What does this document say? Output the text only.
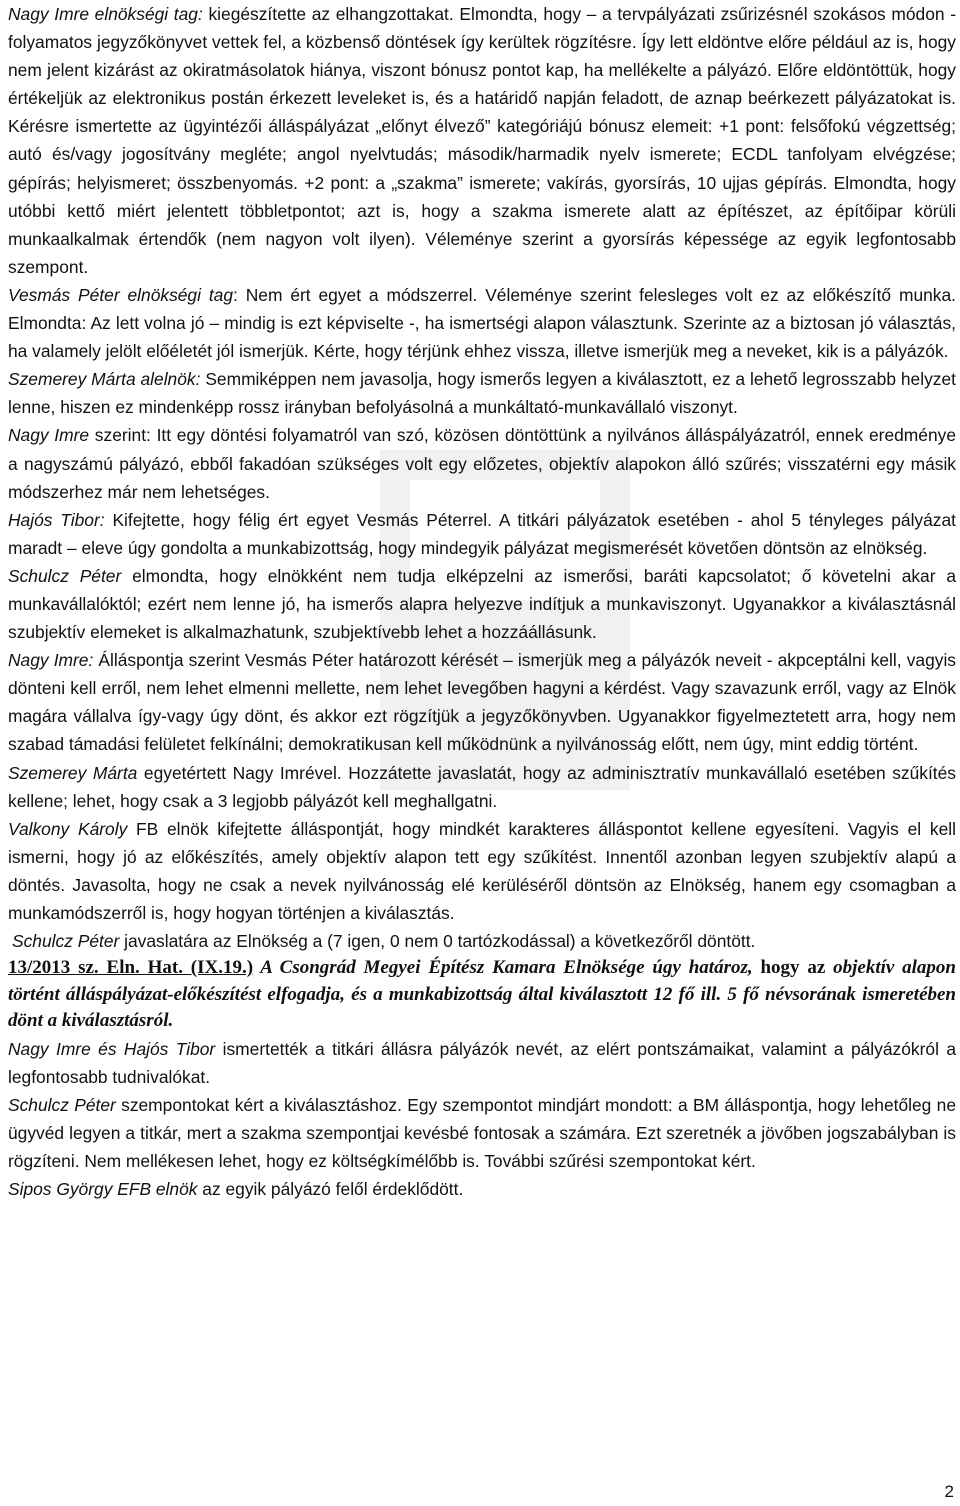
Nagy Imre elnökségi tag: kiegészítette az elhangzottakat. Elmondta, hogy – a tervpályázati zsűrizésnél szokásos módon - folyamatos jegyzőkönyvet vettek fel, a közbenső döntések így kerültek rögzítésre. Így lett eldöntve előre például az is, hogy nem jelent kizárást az okiratmásolatok hiánya, viszont bónusz pontot kap, ha mellékelte a pályázó. Előre eldöntöttük, hogy értékeljük az elektronikus postán érkezett leveleket is, és a határidő napján feladott, de aznap beérkezett pályázatokat is. Kérésre ismertette az ügyintézői álláspályázat „előnyt élvező” kategóriájú bónusz elemeit: +1 pont: felsőfokú végzettség; autó és/vagy jogosítvány megléte; angol nyelvtudás; második/harmadik nyelv ismerete; ECDL tanfolyam elvégzése; gépírás; helyismeret; összbenyomás. +2 pont: a „szakma” ismerete; vakírás, gyorsírás, 10 ujjas gépírás. Elmondta, hogy utóbbi kettő miért jelentett többletpontot; azt is, hogy a szakma ismerete alatt az építészet, az építőipar körüli munkaalkalmak értendők (nem nagyon volt ilyen). Véleménye szerint a gyorsírás képessége az egyik legfontosabb szempont.

Vesmás Péter elnökségi tag: Nem ért egyet a módszerrel. Véleménye szerint felesleges volt ez az előkészítő munka. Elmondta: Az lett volna jó – mindig is ezt képviselte -, ha ismertségi alapon választunk. Szerinte az a biztosan jó választás, ha valamely jelölt előéletét jól ismerjük. Kérte, hogy térjünk ehhez vissza, illetve ismerjük meg a neveket, kik is a pályázók.

Szemerey Márta alelnök: Semmiképpen nem javasolja, hogy ismerős legyen a kiválasztott, ez a lehető legrosszabb helyzet lenne, hiszen ez mindenképp rossz irányban befolyásolná a munkáltató-munkavállaló viszonyt.

Nagy Imre szerint: Itt egy döntési folyamatról van szó, közösen döntöttünk a nyilvános álláspályázatról, ennek eredménye a nagyszámú pályázó, ebből fakadóan szükséges volt egy előzetes, objektív alapokon álló szűrés; visszatérni egy másik módszerhez már nem lehetséges.

Hajós Tibor: Kifejtette, hogy félig ért egyet Vesmás Péterrel. A titkári pályázatok esetében - ahol 5 tényleges pályázat maradt – eleve úgy gondolta a munkabizottság, hogy mindegyik pályázat megismerését követően döntsön az elnökség.

Schulcz Péter elmondta, hogy elnökként nem tudja elképzelni az ismerősi, baráti kapcsolatot; ő követelni akar a munkavállalóktól; ezért nem lenne jó, ha ismerős alapra helyezve indítjuk a munkaviszonyt. Ugyanakkor a kiválasztásnál szubjektív elemeket is alkalmazhatunk, szubjektívebb lehet a hozzáállásunk.

Nagy Imre: Álláspontja szerint Vesmás Péter határozott kérését – ismerjük meg a pályázók neveit - akpceptálni kell, vagyis dönteni kell erről, nem lehet elmenni mellette, nem lehet levegőben hagyni a kérdést. Vagy szavazunk erről, vagy az Elnök magára vállalva így-vagy úgy dönt, és akkor ezt rögzítjük a jegyzőkönyvben. Ugyanakkor figyelmeztetett arra, hogy nem szabad támadási felületet felkínálni; demokratikusan kell működnünk a nyilvánosság előtt, nem úgy, mint eddig történt.

Szemerey Márta egyetértett Nagy Imrével. Hozzátette javaslatát, hogy az adminisztratív munkavállaló esetében szűkítés kellene; lehet, hogy csak a 3 legjobb pályázót kell meghallgatni.

Valkony Károly FB elnök kifejtette álláspontját, hogy mindkét karakteres álláspontot kellene egyesíteni. Vagyis el kell ismerni, hogy jó az előkészítés, amely objektív alapon tett egy szűkítést. Innentől azonban legyen szubjektív alapú a döntés. Javasolta, hogy ne csak a nevek nyilvánosság elé kerüléséről döntsön az Elnökség, hanem egy csomagban a munkamódszerről is, hogy hogyan történjen a kiválasztás.

Schulcz Péter javaslatára az Elnökség a (7 igen, 0 nem 0 tartózkodással) a következőről döntött.

13/2013 sz. Eln. Hat. (IX.19.) A Csongrád Megyei Építész Kamara Elnöksége úgy határoz, hogy az objektív alapon történt álláspályázat-előkészítést elfogadja, és a munkabizottság által kiválasztott 12 fő ill. 5 fő névsorának ismeretében dönt a kiválasztásról.

Nagy Imre és Hajós Tibor ismertették a titkári állásra pályázók nevét, az elért pontszámaikat, valamint a pályázókról a legfontosabb tudnivalókat.

Schulcz Péter szempontokat kért a kiválasztáshoz. Egy szempontot mindjárt mondott: a BM álláspontja, hogy lehetőleg ne ügyvéd legyen a titkár, mert a szakma szempontjai kevésbé fontosak a számára. Ezt szeretnék a jövőben jogszabályban is rögzíteni. Nem mellékesen lehet, hogy ez költségkímélőbb is. További szűrési szempontokat kért.

Sipos György EFB elnök az egyik pályázó felől érdeklődött.

2
